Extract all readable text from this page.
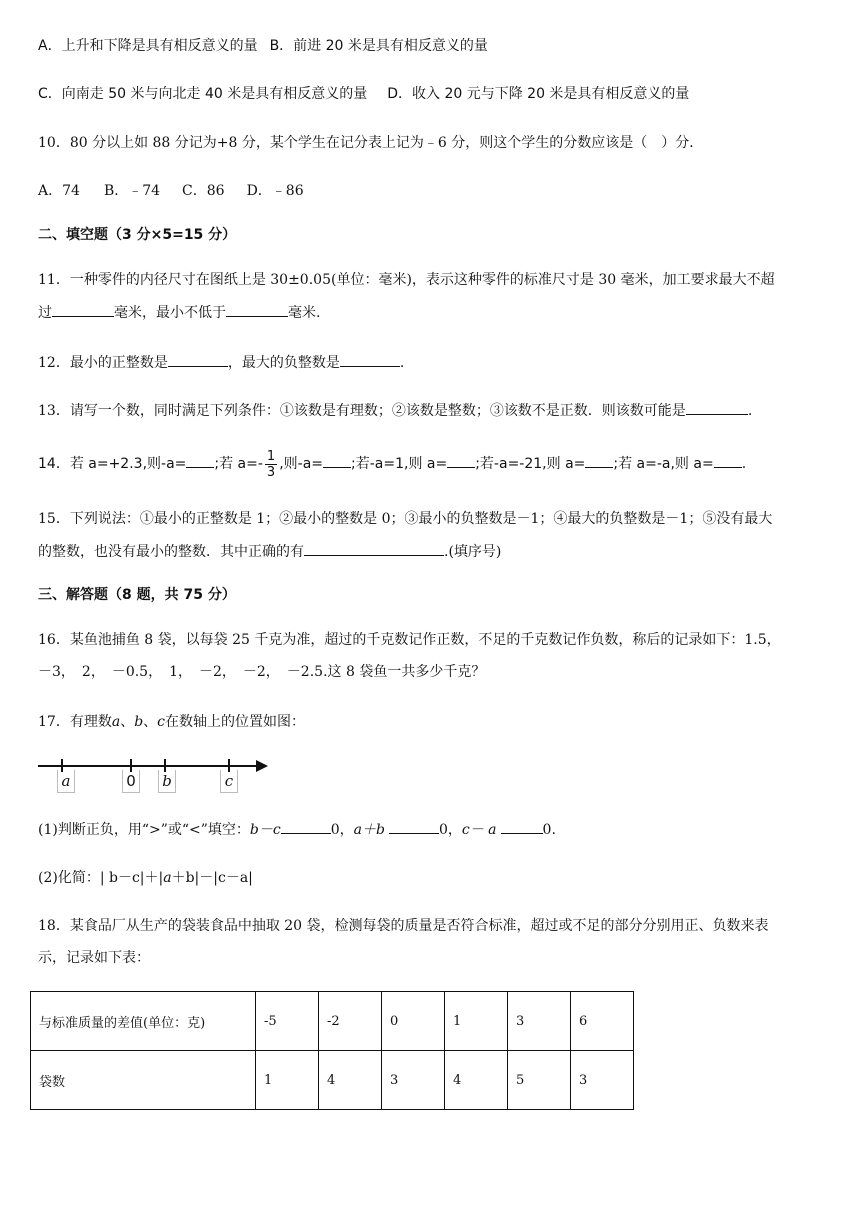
A．上升和下降是具有相反意义的量 B．前进 20 米是具有相反意义的量
C．向南走 50 米与向北走 40 米是具有相反意义的量 D．收入 20 元与下降 20 米是具有相反意义的量
10．80 分以上如 88 分记为+8 分，某个学生在记分表上记为﹣6 分，则这个学生的分数应该是（　）分．
A．74 B．﹣74 C．86 D．﹣86
二、填空题（3 分×5=15 分）
11．一种零件的内径尺寸在图纸上是 30±0.05(单位：毫米)，表示这种零件的标准尺寸是 30 毫米，加工要求最大不超
过	毫米，最小不低于	毫米.
12．最小的正整数是	，最大的负整数是	.
13．请写一个数，同时满足下列条件：①该数是有理数；②该数是整数；③该数不是正数．则该数可能是	.
14．若 a=+2.3,则-a= ;若 $a=- \frac{1}{3}$ ,则-a= ;若-a=1,则 a= ;若-a=-21,则 a= ;若 a=-a,则 a= .
15．下列说法：①最小的正整数是 1；②最小的整数是 0；③最小的负整数是－1；④最大的负整数是－1；⑤没有最大
的整数，也没有最小的整数．其中正确的有	.(填序号)
三、解答题（8 题，共 75 分）
16．某鱼池捕鱼 8 袋，以每袋 25 千克为准，超过的千克数记作正数，不足的千克数记作负数，称后的记录如下：1.5，
－3，　2，　－0.5，　1，　－2，　－2，　－2.5.这 8 袋鱼一共多少千克？
17．有理数a、b、c在数轴上的位置如图：
a	0 b	c
(1)判断正负，用“>”或“<”填空：b－c	0，a＋b	0，c－ a	0.
(2)化简：| b－c|＋|a＋b|－|c－a|
18．某食品厂从生产的袋装食品中抽取 20 袋，检测每袋的质量是否符合标准，超过或不足的部分分别用正、负数来表
示，记录如下表：
与标准质量的差值(单位：克)	-5	-2	0	1	3	6
袋数	1	4	3	4	5	3
